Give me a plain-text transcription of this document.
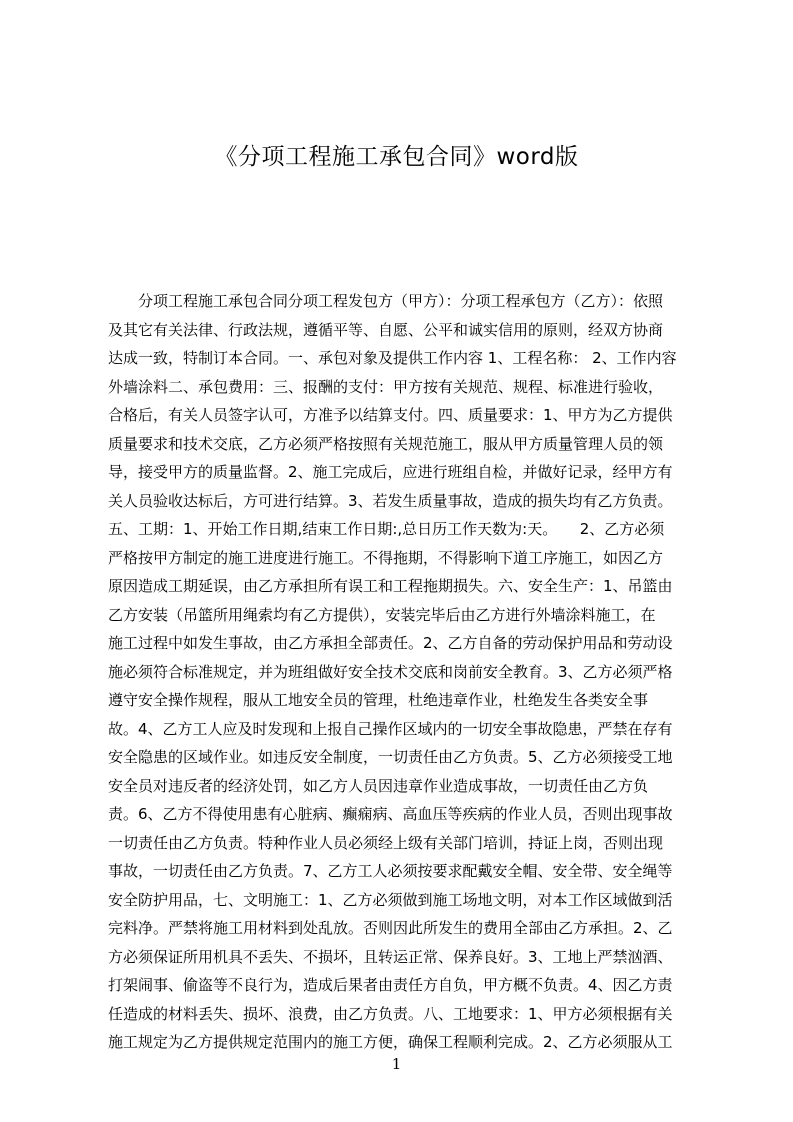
《分项工程施工承包合同》word版
　　分项工程施工承包合同分项工程发包方（甲方）：分项工程承包方（乙方）：依照
及其它有关法律、行政法规，遵循平等、自愿、公平和诚实信用的原则，经双方协商
达成一致，特制订本合同。一、承包对象及提供工作内容 1、工程名称： 2、工作内容
外墙涂料二、承包费用：三、报酬的支付：甲方按有关规范、规程、标准进行验收，
合格后，有关人员签字认可，方准予以结算支付。四、质量要求：1、甲方为乙方提供
质量要求和技术交底，乙方必须严格按照有关规范施工，服从甲方质量管理人员的领
导，接受甲方的质量监督。2、施工完成后，应进行班组自检，并做好记录，经甲方有
关人员验收达标后，方可进行结算。3、若发生质量事故，造成的损失均有乙方负责。
五、工期：1、开始工作日期,结束工作日期:,总日历工作天数为:天。　　2、乙方必须
严格按甲方制定的施工进度进行施工。不得拖期，不得影响下道工序施工，如因乙方
原因造成工期延误，由乙方承担所有误工和工程拖期损失。六、安全生产：1、吊篮由
乙方安装（吊篮所用绳索均有乙方提供），安装完毕后由乙方进行外墙涂料施工，在
施工过程中如发生事故，由乙方承担全部责任。2、乙方自备的劳动保护用品和劳动设
施必须符合标准规定，并为班组做好安全技术交底和岗前安全教育。3、乙方必须严格
遵守安全操作规程，服从工地安全员的管理，杜绝违章作业，杜绝发生各类安全事
故。4、乙方工人应及时发现和上报自己操作区域内的一切安全事故隐患，严禁在存有
安全隐患的区域作业。如违反安全制度，一切责任由乙方负责。5、乙方必须接受工地
安全员对违反者的经济处罚，如乙方人员因违章作业造成事故，一切责任由乙方负
责。6、乙方不得使用患有心脏病、癫痫病、高血压等疾病的作业人员，否则出现事故
一切责任由乙方负责。特种作业人员必须经上级有关部门培训，持证上岗，否则出现
事故，一切责任由乙方负责。7、乙方工人必须按要求配戴安全帽、安全带、安全绳等
安全防护用品，七、文明施工：1、乙方必须做到施工场地文明，对本工作区域做到活
完料净。严禁将施工用材料到处乱放。否则因此所发生的费用全部由乙方承担。2、乙
方必须保证所用机具不丢失、不损坏，且转运正常、保养良好。3、工地上严禁汹酒、
打架闹事、偷盗等不良行为，造成后果者由责任方自负，甲方概不负责。4、因乙方责
任造成的材料丢失、损坏、浪费，由乙方负责。八、工地要求：1、甲方必须根据有关
施工规定为乙方提供规定范围内的施工方便，确保工程顺利完成。2、乙方必须服从工
1
